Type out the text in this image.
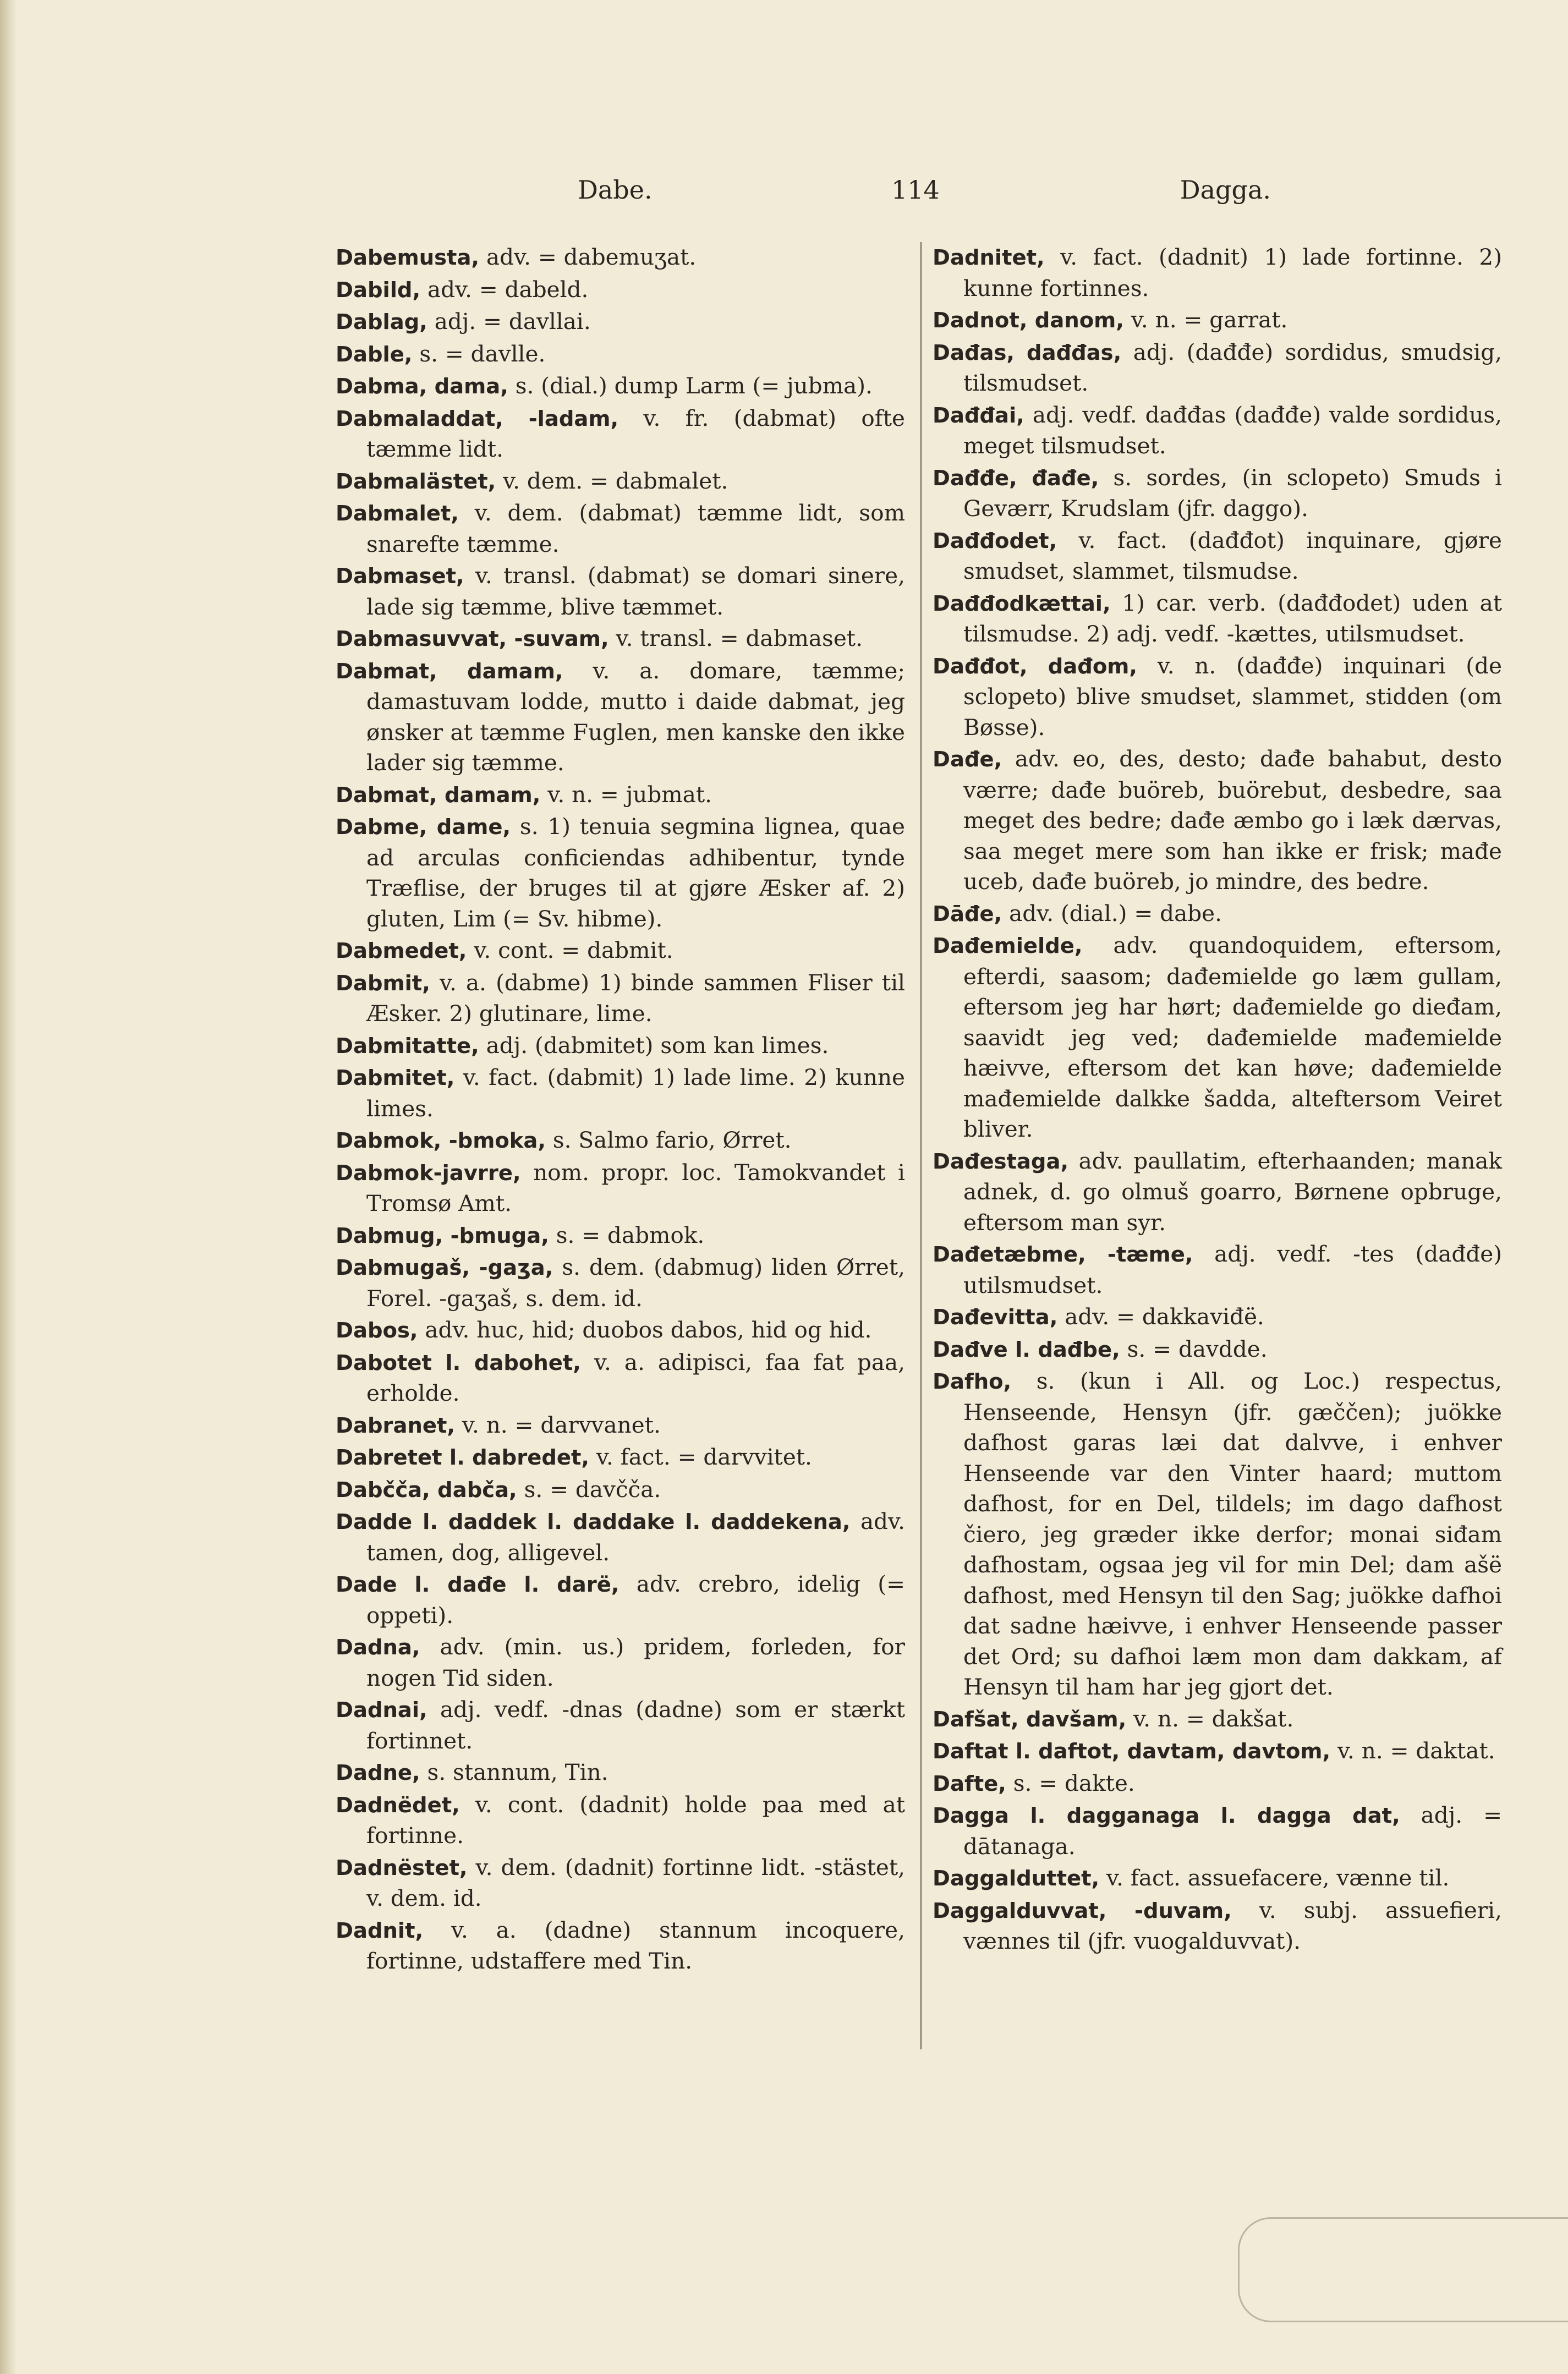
Dabe.	114	Dagga.

Dabemusta, adv. = dabemuʒat.

Dabild, adv. = dabeld.

Dablag, adj. = davllai.

Dable, s. = davlle.

Dabma, dama, s. (dial.) dump Larm (= jubma).

Dabmaladdat, -ladam, v. fr. (dabmat) ofte tæmme lidt.

Dabmalästet, v. dem. = dabmalet.

Dabmalet, v. dem. (dabmat) tæmme lidt, som snarefte tæmme.

Dabmaset, v. transl. (dabmat) se domari sinere, lade sig tæmme, blive tæmmet.

Dabmasuvvat, -suvam, v. transl. = dabmaset.

Dabmat, damam, v. a. domare, tæmme; damastuvam lodde, mutto i daide dabmat, jeg ønsker at tæmme Fuglen, men kanske den ikke lader sig tæmme.

Dabmat, damam, v. n. = jubmat.

Dabme, dame, s. 1) tenuia segmina lignea, quae ad arculas conficiendas adhibentur, tynde Træflise, der bruges til at gjøre Æsker af. 2) gluten, Lim (= Sv. hibme).

Dabmedet, v. cont. = dabmit.

Dabmit, v. a. (dabme) 1) binde sammen Fliser til Æsker. 2) glutinare, lime.

Dabmitatte, adj. (dabmitet) som kan limes.

Dabmitet, v. fact. (dabmit) 1) lade lime. 2) kunne limes.

Dabmok, -bmoka, s. Salmo fario, Ørret.

Dabmok-javrre, nom. propr. loc. Tamokvandet i Tromsø Amt.

Dabmug, -bmuga, s. = dabmok.

Dabmugaš, -gaʒa, s. dem. (dabmug) liden Ørret, Forel. -gaʒaš, s. dem. id.

Dabos, adv. huc, hid; duobos dabos, hid og hid.

Dabotet l. dabohet, v. a. adipisci, faa fat paa, erholde.

Dabranet, v. n. = darvvanet.

Dabretet l. dabredet, v. fact. = darvvitet.

Dabčča, dabča, s. = davčča.

Dadde l. daddek l. daddake l. daddekena, adv. tamen, dog, alligevel.

Dade l. dađe l. darë, adv. crebro, idelig (= oppeti).

Dadna, adv. (min. us.) pridem, forleden, for nogen Tid siden.

Dadnai, adj. vedf. -dnas (dadne) som er stærkt fortinnet.

Dadne, s. stannum, Tin.

Dadnëdet, v. cont. (dadnit) holde paa med at fortinne.

Dadnëstet, v. dem. (dadnit) fortinne lidt. -stästet, v. dem. id.

Dadnit, v. a. (dadne) stannum incoquere, fortinne, udstaffere med Tin.

Dadnitet, v. fact. (dadnit) 1) lade fortinne. 2) kunne fortinnes.

Dadnot, danom, v. n. = garrat.

Dađas, dađđas, adj. (dađđe) sordidus, smudsig, tilsmudset.

Dađđai, adj. vedf. dađđas (dađđe) valde sordidus, meget tilsmudset.

Dađđe, đađe, s. sordes, (in sclopeto) Smuds i Geværr, Krudslam (jfr. daggo).

Dađđodet, v. fact. (dađđot) inquinare, gjøre smudset, slammet, tilsmudse.

Dađđodkættai, 1) car. verb. (dađđodet) uden at tilsmudse. 2) adj. vedf. -kættes, utilsmudset.

Dađđot, dađom, v. n. (dađđe) inquinari (de sclopeto) blive smudset, slammet, stidden (om Bøsse).

Dađe, adv. eo, des, desto; dađe bahabut, desto værre; dađe buöreb, buörebut, desbedre, saa meget des bedre; dađe æmbo go i læk dærvas, saa meget mere som han ikke er frisk; mađe uceb, dađe buöreb, jo mindre, des bedre.

Dāđe, adv. (dial.) = dabe.

Dađemielde, adv. quandoquidem, eftersom, efterdi, saasom; dađemielde go læm gullam, eftersom jeg har hørt; dađemielde go dieđam, saavidt jeg ved; dađemielde mađemielde hæivve, eftersom det kan høve; dađemielde mađemielde dalkke šadda, alteftersom Veiret bliver.

Dađestaga, adv. paullatim, efterhaanden; manak adnek, d. go olmuš goarro, Børnene opbruge, eftersom man syr.

Dađetæbme, -tæme, adj. vedf. -tes (dađđe) utilsmudset.

Dađevitta, adv. = dakkaviđë.

Dađve l. dađbe, s. = davdde.

Dafho, s. (kun i All. og Loc.) respectus, Henseende, Hensyn (jfr. gæččen); juökke dafhost garas læi dat dalvve, i enhver Henseende var den Vinter haard; muttom dafhost, for en Del, tildels; im dago dafhost čiero, jeg græder ikke derfor; monai siđam dafhostam, ogsaa jeg vil for min Del; dam ašë dafhost, med Hensyn til den Sag; juökke dafhoi dat sadne hæivve, i enhver Henseende passer det Ord; su dafhoi læm mon dam dakkam, af Hensyn til ham har jeg gjort det.

Dafšat, davšam, v. n. = dakšat.

Daftat l. daftot, davtam, davtom, v. n. = daktat.

Dafte, s. = dakte.

Dagga l. dagganaga l. dagga dat, adj. = dātanaga.

Daggalduttet, v. fact. assuefacere, vænne til.

Daggalduvvat, -duvam, v. subj. assuefieri, vænnes til (jfr. vuogalduvvat).
